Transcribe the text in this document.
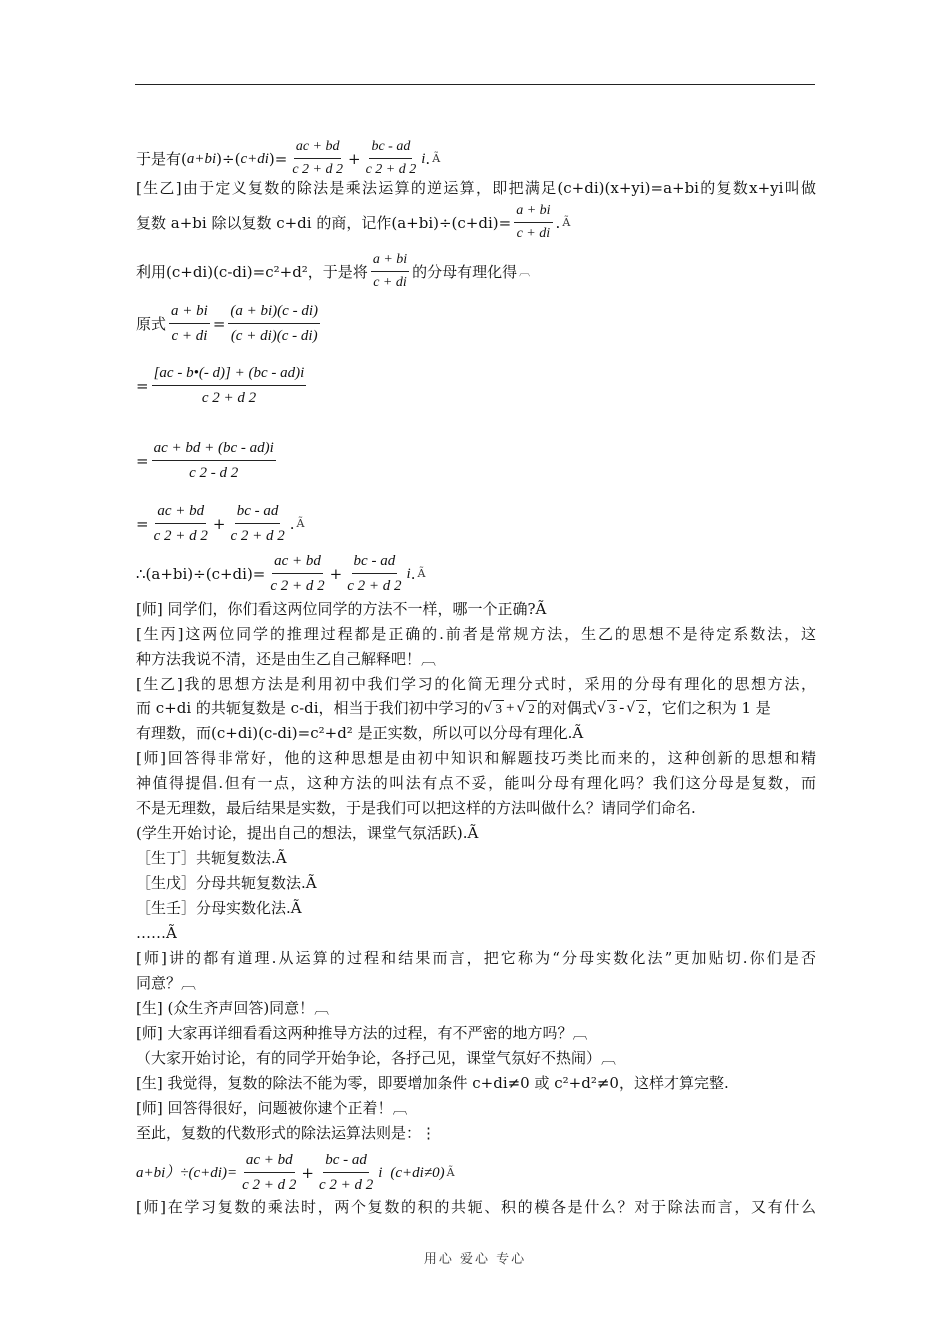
于是有( a+bi )÷( c+di )= $\frac{ac + bd}{c 2 + d 2} + \frac{bc - ad}{c 2 + d 2}$ i . Ã
[生乙]由于定义复数的除法是乘法运算的逆运算，即把满足(c+di)(x+yi)=a+bi的复数x+yi叫做
复数 a+bi 除以复数 c+di 的商，记作$(a+bi)\div(c+di)= \frac{a + bi}{c + di}$ . Ã
利用(c+di)(c-di)=c²+d²，于是将 $\frac{a + bi}{c + di}$ 的分母有理化得 ︹
原式 $\frac{a + bi}{c + di} = \frac{(a + bi)(c - di)}{(c + di)(c - di)}$
= $\frac{[ac - b•(- d)] + (bc - ad)i}{c 2 + d 2}$
= $\frac{ac + bd + (bc - ad)i}{c 2 - d 2}$
= $\frac{ac + bd}{c 2 + d 2} + \frac{bc - ad}{c 2 + d 2}$ . Ã
∴(a+bi)÷(c+di)= $\frac{ac + bd}{c 2 + d 2} + \frac{bc - ad}{c 2 + d 2}$ i . Ã
[师] 同学们，你们看这两位同学的方法不一样，哪一个正确?Ã
[生丙]这两位同学的推理过程都是正确的.前者是常规方法，生乙的思想不是待定系数法，这
种方法我说不清，还是由生乙自己解释吧！︹
[生乙]我的思想方法是利用初中我们学习的化简无理分式时，采用的分母有理化的思想方法，
而 c+di 的共轭复数是 c-di，相当于我们初中学习的 √ 3 + √ 2 的对偶式 √ 3 - √ 2 ，它们之积为 1 是
有理数，而(c+di)(c-di)=c²+d² 是正实数，所以可以分母有理化.Ã
[师]回答得非常好，他的这种思想是由初中知识和解题技巧类比而来的，这种创新的思想和精
神值得提倡.但有一点，这种方法的叫法有点不妥，能叫分母有理化吗？我们这分母是复数，而
不是无理数，最后结果是实数，于是我们可以把这样的方法叫做什么？请同学们命名.
(学生开始讨论，提出自己的想法，课堂气氛活跃).Ã
［生丁］共轭复数法.Ã
［生戊］分母共轭复数法.Ã
［生壬］分母实数化法.Ã
……Ã
[师]讲的都有道理.从运算的过程和结果而言，把它称为“分母实数化法”更加贴切.你们是否
同意？︹
[生] (众生齐声回答)同意！︹
[师] 大家再详细看看这两种推导方法的过程，有不严密的地方吗？︹
（大家开始讨论，有的同学开始争论，各抒己见，课堂气氛好不热闹）︹
[生] 我觉得，复数的除法不能为零，即要增加条件 c+di≠0 或 c²+d²≠0，这样才算完整.
[师] 回答得很好，问题被你逮个正着！︹
至此，复数的代数形式的除法运算法则是：⋮
$a+bi)\div(c+di)= \frac{ac + bd}{c 2 + d 2} + \frac{bc - ad}{c 2 + d 2}$ i (c+di≠0) Ã
[师]在学习复数的乘法时，两个复数的积的共轭、积的模各是什么？对于除法而言，又有什么
用心 爱心 专心
